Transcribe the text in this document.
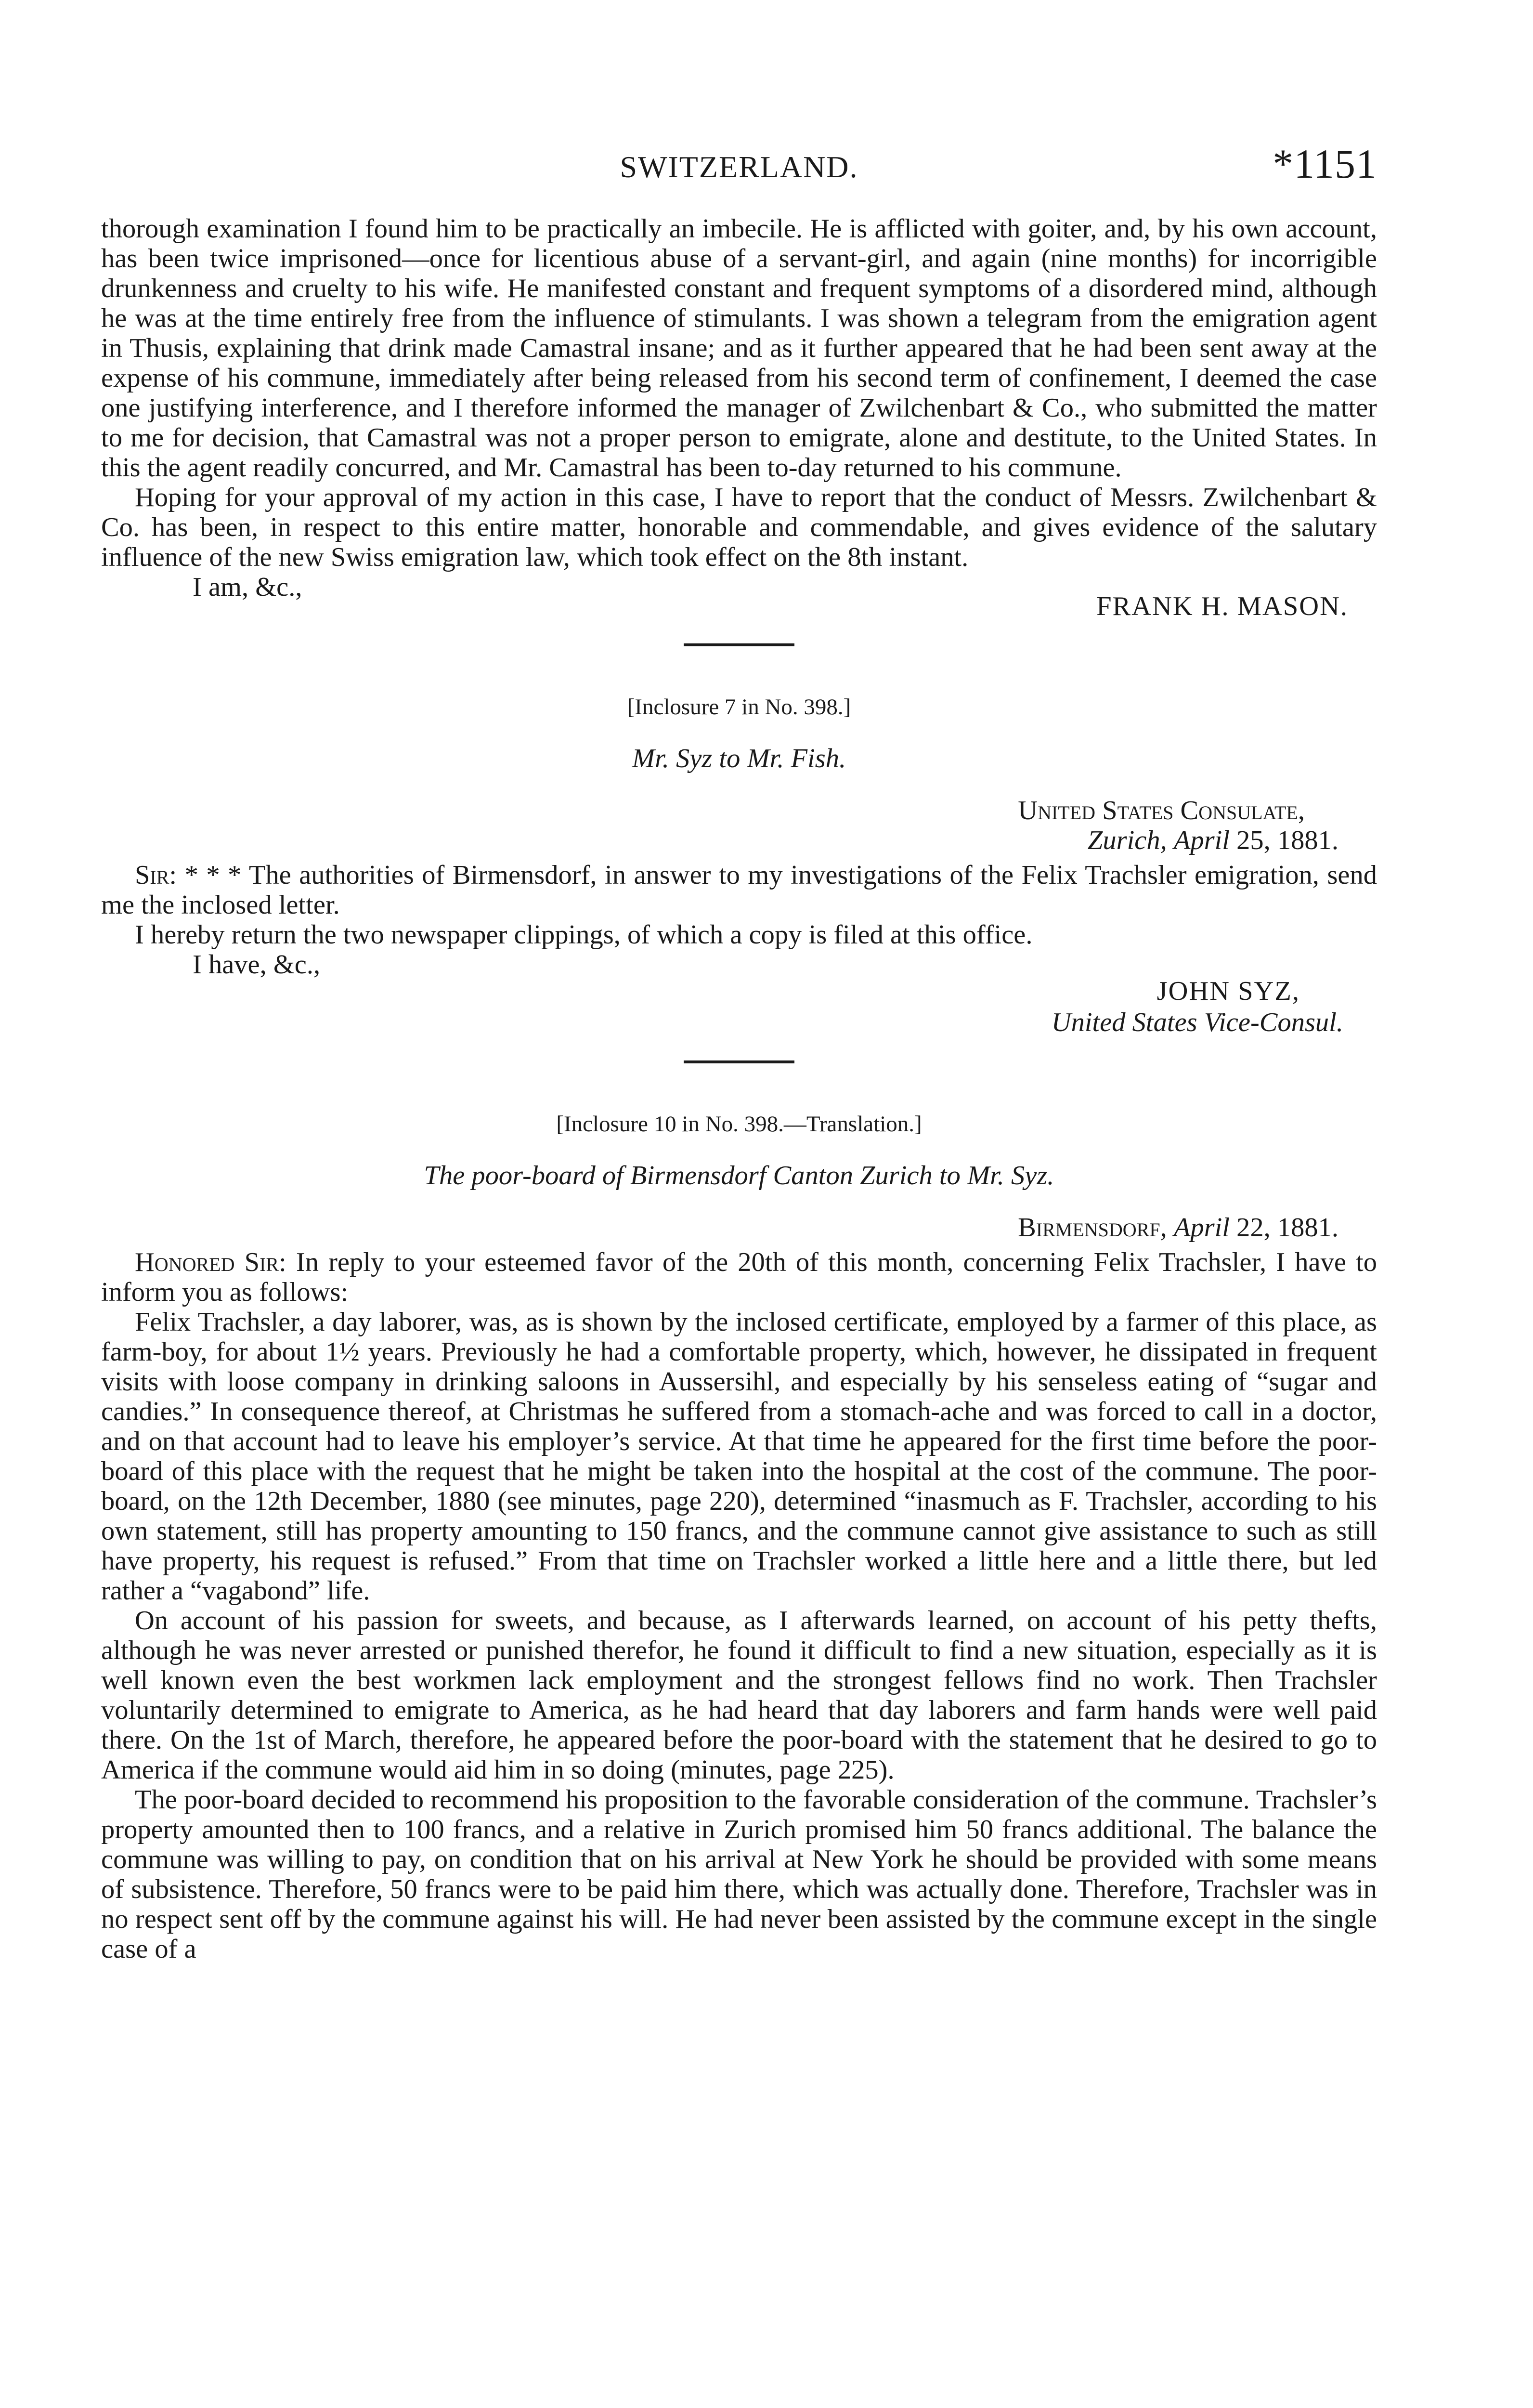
SWITZERLAND.	*1151

thorough examination I found him to be practically an imbecile. He is afflicted with goiter, and, by his own account, has been twice imprisoned—once for licentious abuse of a servant-girl, and again (nine months) for incorrigible drunkenness and cruelty to his wife. He manifested constant and frequent symptoms of a disordered mind, although he was at the time entirely free from the influence of stimulants. I was shown a telegram from the emigration agent in Thusis, explaining that drink made Camastral insane; and as it further appeared that he had been sent away at the expense of his commune, immediately after being released from his second term of confinement, I deemed the case one justifying interference, and I therefore informed the manager of Zwilchenbart & Co., who submitted the matter to me for decision, that Camastral was not a proper person to emigrate, alone and destitute, to the United States. In this the agent readily concurred, and Mr. Camastral has been to-day returned to his commune.

Hoping for your approval of my action in this case, I have to report that the conduct of Messrs. Zwilchenbart & Co. has been, in respect to this entire matter, honorable and commendable, and gives evidence of the salutary influence of the new Swiss emigration law, which took effect on the 8th instant.

I am, &c.,
FRANK H. MASON.
[Inclosure 7 in No. 398.]
Mr. Syz to Mr. Fish.
United States Consulate,
Zurich, April 25, 1881.

Sir: * * * The authorities of Birmensdorf, in answer to my investigations of the Felix Trachsler emigration, send me the inclosed letter.

I hereby return the two newspaper clippings, of which a copy is filed at this office.

I have, &c.,
JOHN SYZ,
United States Vice-Consul.
[Inclosure 10 in No. 398.—Translation.]
The poor-board of Birmensdorf Canton Zurich to Mr. Syz.
Birmensdorf, April 22, 1881.

Honored Sir: In reply to your esteemed favor of the 20th of this month, concerning Felix Trachsler, I have to inform you as follows:

Felix Trachsler, a day laborer, was, as is shown by the inclosed certificate, employed by a farmer of this place, as farm-boy, for about 1½ years. Previously he had a comfortable property, which, however, he dissipated in frequent visits with loose company in drinking saloons in Aussersihl, and especially by his senseless eating of “sugar and candies.” In consequence thereof, at Christmas he suffered from a stomach-ache and was forced to call in a doctor, and on that account had to leave his employer’s service. At that time he appeared for the first time before the poor-board of this place with the request that he might be taken into the hospital at the cost of the commune. The poor-board, on the 12th December, 1880 (see minutes, page 220), determined “inasmuch as F. Trachsler, according to his own statement, still has property amounting to 150 francs, and the commune cannot give assistance to such as still have property, his request is refused.” From that time on Trachsler worked a little here and a little there, but led rather a “vagabond” life.

On account of his passion for sweets, and because, as I afterwards learned, on account of his petty thefts, although he was never arrested or punished therefor, he found it difficult to find a new situation, especially as it is well known even the best workmen lack employment and the strongest fellows find no work. Then Trachsler voluntarily determined to emigrate to America, as he had heard that day laborers and farm hands were well paid there. On the 1st of March, therefore, he appeared before the poor-board with the statement that he desired to go to America if the commune would aid him in so doing (minutes, page 225).

The poor-board decided to recommend his proposition to the favorable consideration of the commune. Trachsler’s property amounted then to 100 francs, and a relative in Zurich promised him 50 francs additional. The balance the commune was willing to pay, on condition that on his arrival at New York he should be provided with some means of subsistence. Therefore, 50 francs were to be paid him there, which was actually done. Therefore, Trachsler was in no respect sent off by the commune against his will. He had never been assisted by the commune except in the single case of a
